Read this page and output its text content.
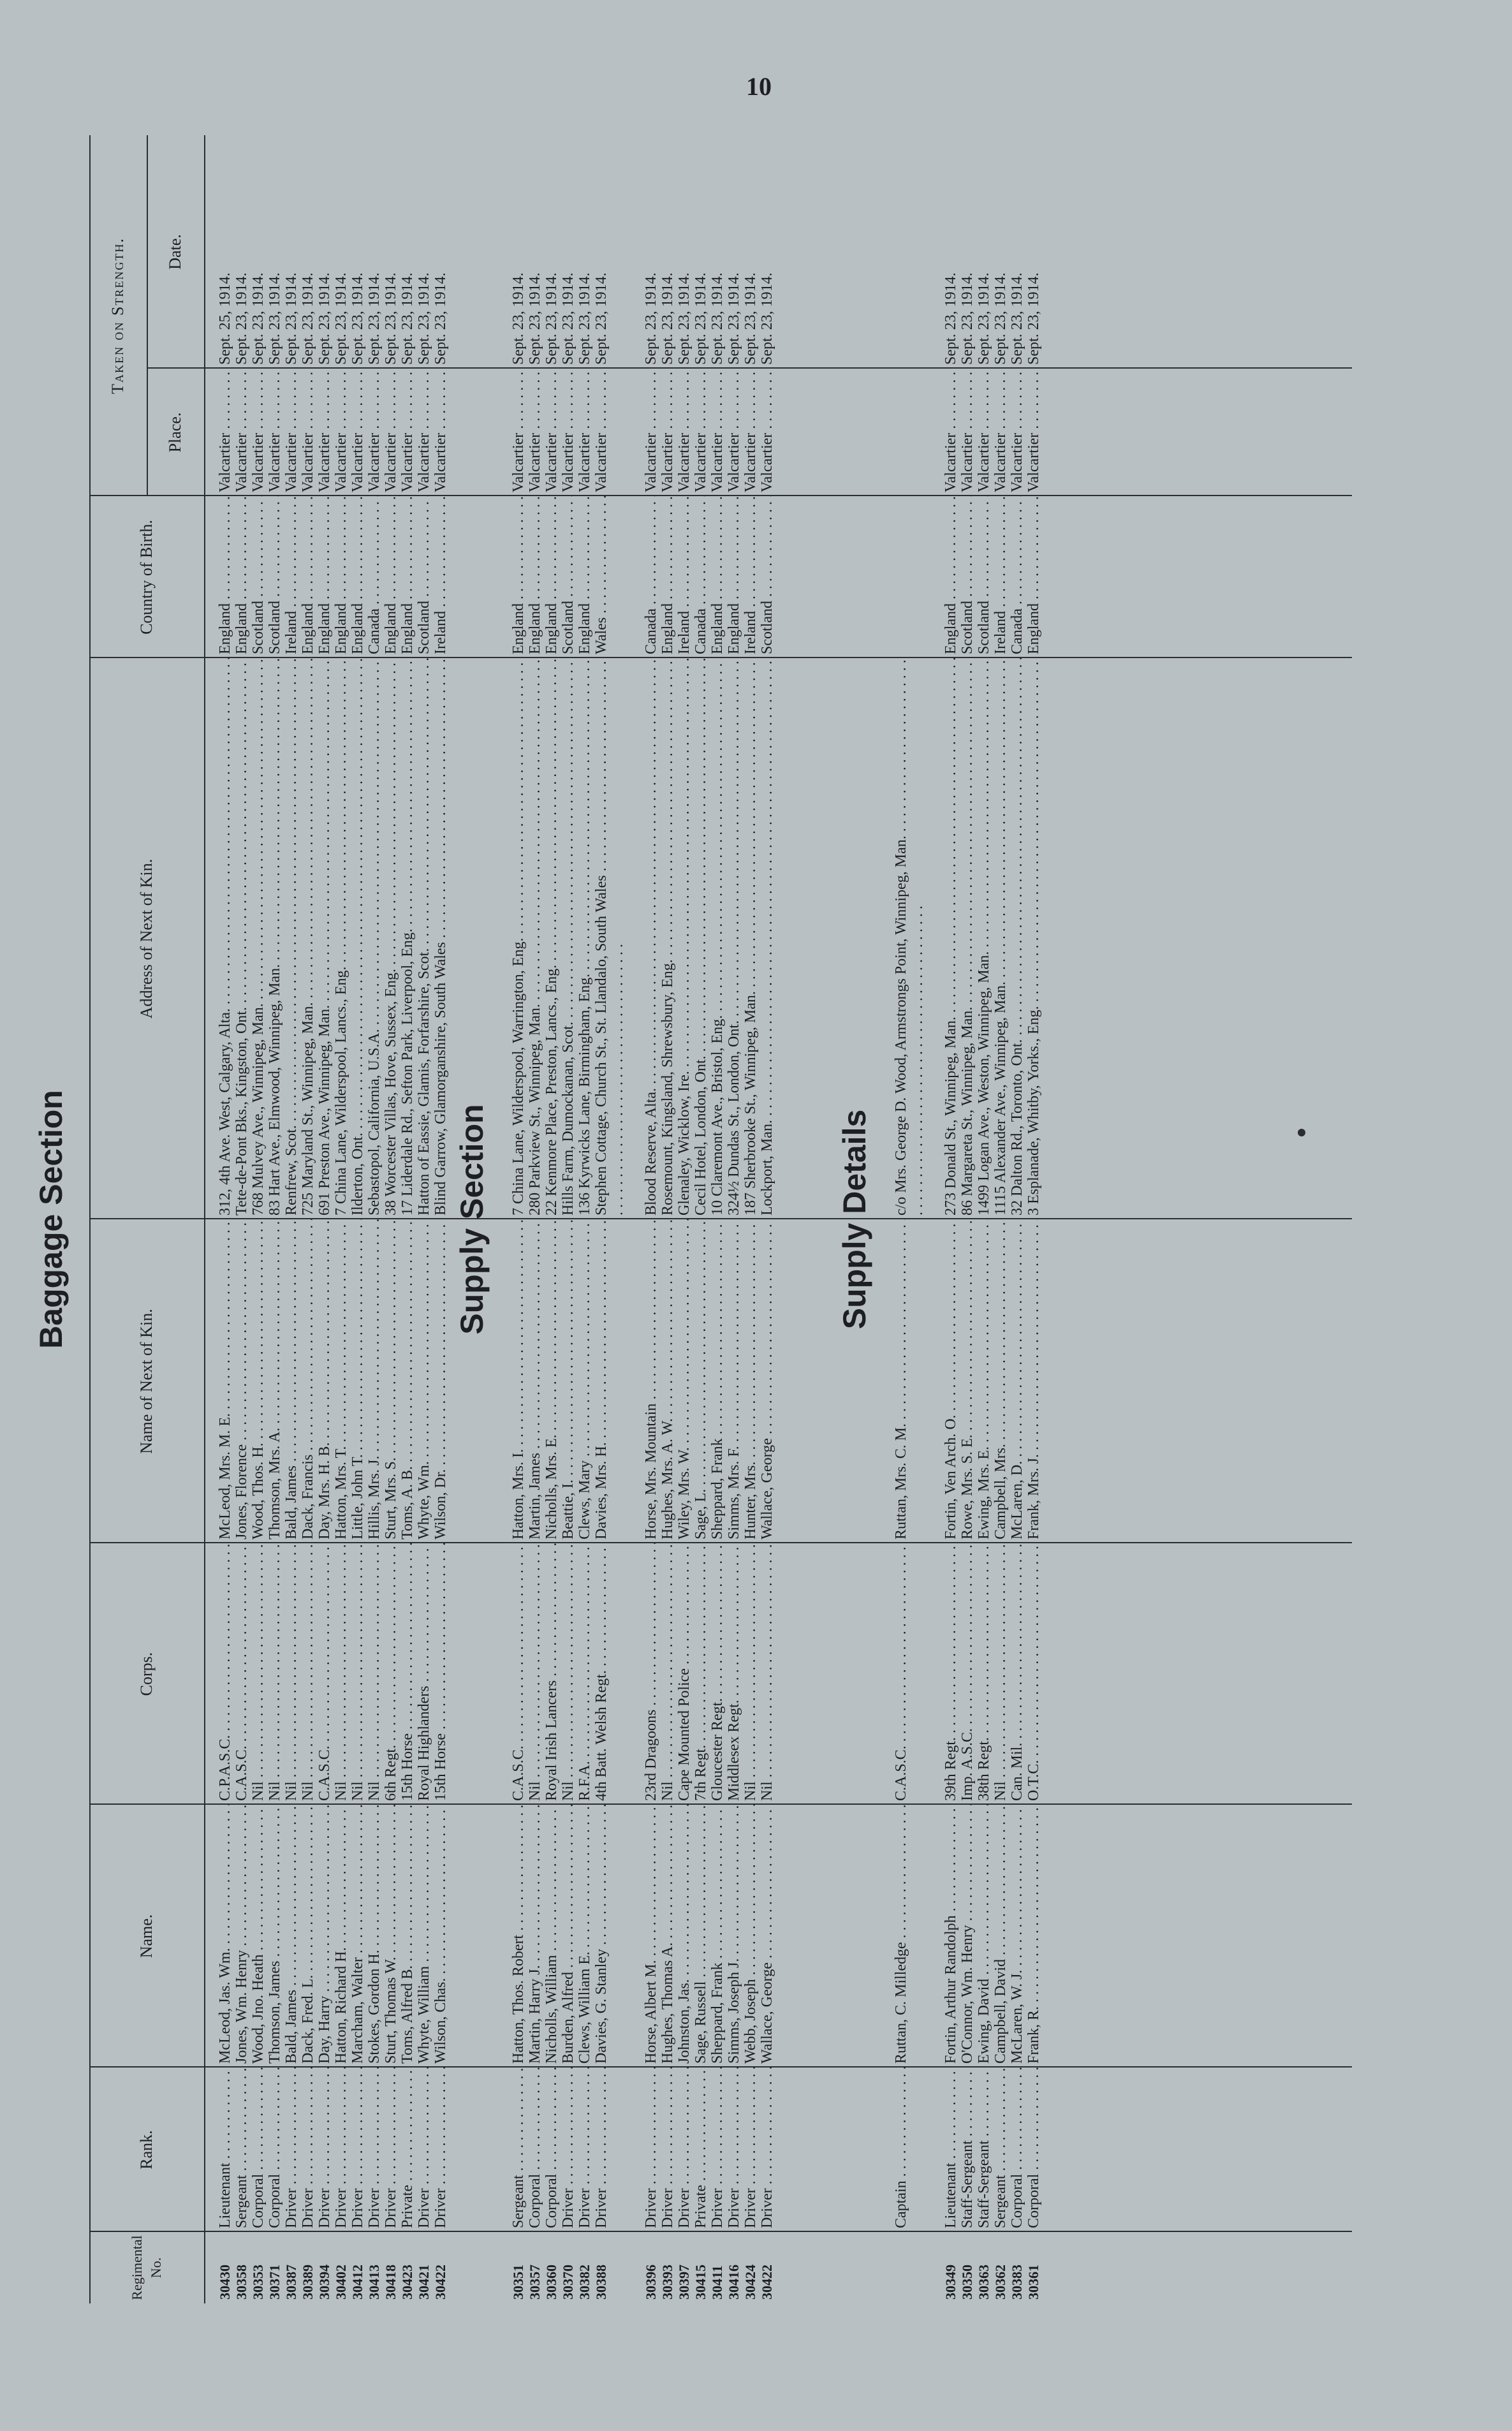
10
Regimental No.
Rank.
Name.
Corps.
Name of Next of Kin.
Address of Next of Kin.
Country of Birth.
Taken on Strength.
Place.
Date.
Baggage Section
30430
Lieutenant . . .
McLeod, Jas. Wm. . . .
C.P.A.S.C. . . .
McLeod, Mrs. M. E. . . .
312, 4th Ave. West, Calgary, Alta. . . .
England . . .
Valcartier . . .
Sept. 25, 1914.
30358
Sergeant . . .
Jones, Wm. Henry . . .
C.A.S.C. . . .
Jones, Florence . . .
Tete-de-Pont Bks., Kingston, Ont. . . .
England . . .
Valcartier . . .
Sept. 23, 1914.
30353
Corporal . . .
Wood, Jno. Heath . . .
Nil . . .
Wood, Thos. H. . . .
768 Mulvey Ave., Winnipeg, Man. . . .
Scotland . . .
Valcartier . . .
Sept. 23, 1914.
30371
Corporal . . .
Thomson, James . . .
Nil . . .
Thomson, Mrs. A. . . .
83 Hart Ave., Elmwood, Winnipeg, Man. . . .
Scotland . . .
Valcartier . . .
Sept. 23, 1914.
30387
Driver . . .
Bald, James . . .
Nil . . .
Bald, James . . .
Renfrew, Scot. . . .
Ireland . . .
Valcartier . . .
Sept. 23, 1914.
30389
Driver . . .
Dack, Fred. L. . . .
Nil . . .
Dack, Francis . . .
725 Maryland St., Winnipeg, Man. . . .
England . . .
Valcartier . . .
Sept. 23, 1914.
30394
Driver . . .
Day, Harry . . .
C.A.S.C. . . .
Day, Mrs. H. B. . . .
691 Preston Ave., Winnipeg, Man. . . .
England . . .
Valcartier . . .
Sept. 23, 1914.
30402
Driver . . .
Hatton, Richard H. . . .
Nil . . .
Hatton, Mrs. T. . . .
7 China Lane, Wilderspool, Lancs., Eng. . . .
England . . .
Valcartier . . .
Sept. 23, 1914.
30412
Driver . . .
Marcham, Walter . . .
Nil . . .
Little, John T. . . .
Ilderton, Ont. . . .
England . . .
Valcartier . . .
Sept. 23, 1914.
30413
Driver . . .
Stokes, Gordon H. . . .
Nil . . .
Hillis, Mrs. J. . . .
Sebastopol, California, U.S.A. . . .
Canada . . .
Valcartier . . .
Sept. 23, 1914.
30418
Driver . . .
Sturt, Thomas W. . . .
6th Regt. . . .
Sturt, Mrs. S. . . .
38 Worcester Villas, Hove, Sussex, Eng. . . .
England . . .
Valcartier . . .
Sept. 23, 1914.
30423
Private . . .
Toms, Alfred B. . . .
15th Horse . . .
Toms, A. B. . . .
17 Liderdale Rd., Sefton Park, Liverpool, Eng. . . .
England . . .
Valcartier . . .
Sept. 23, 1914.
30421
Driver . . .
Whyte, William . . .
Royal Highlanders . . .
Whyte, Wm. . . .
Hatton of Eassie, Glamis, Forfarshire, Scot. . . .
Scotland . . .
Valcartier . . .
Sept. 23, 1914.
30422
Driver . . .
Wilson, Chas. . . .
15th Horse . . .
Wilson, Dr. . . .
Blind Garrow, Glamorganshire, South Wales . . .
Ireland . . .
Valcartier . . .
Sept. 23, 1914.
Supply Section
30351
Sergeant . . .
Hatton, Thos. Robert . . .
C.A.S.C. . . .
Hatton, Mrs. I. . . .
7 China Lane, Wilderspool, Warrington, Eng. . . .
England . . .
Valcartier . . .
Sept. 23, 1914.
30357
Corporal . . .
Martin, Harry J. . . .
Nil . . .
Martin, James . . .
280 Parkview St., Winnipeg, Man. . . .
England . . .
Valcartier . . .
Sept. 23, 1914.
30360
Corporal . . .
Nicholls, William . . .
Royal Irish Lancers . . .
Nicholls, Mrs. E. . . .
22 Kenmore Place, Preston, Lancs., Eng. . . .
England . . .
Valcartier . . .
Sept. 23, 1914.
30370
Driver . . .
Burden, Alfred . . .
Nil . . .
Beattie, I. . . .
Hills Farm, Dumockanan, Scot. . . .
Scotland . . .
Valcartier . . .
Sept. 23, 1914.
30382
Driver . . .
Clews, William E. . . .
R.F.A. . . .
Clews, Mary . . .
136 Kyrwicks Lane, Birmingham, Eng. . . .
England . . .
Valcartier . . .
Sept. 23, 1914.
30388
Driver . . .
Davies, G. Stanley . . .
4th Batt. Welsh Regt. . . .
Davies, Mrs. H. . . .
Stephen Cottage, Church St., St. Llandalo, South Wales . . .
Wales . . .
Valcartier . . .
Sept. 23, 1914.
30396
Driver . . .
Horse, Albert M. . . .
23rd Dragoons . . .
Horse, Mrs. Mountain . . .
Blood Reserve, Alta. . . .
Canada . . .
Valcartier . . .
Sept. 23, 1914.
30393
Driver . . .
Hughes, Thomas A. . . .
Nil . . .
Hughes, Mrs. A. W. . . .
Rosemount, Kingsland, Shrewsbury, Eng. . . .
England . . .
Valcartier . . .
Sept. 23, 1914.
30397
Driver . . .
Johnston, Jas. . . .
Cape Mounted Police . . .
Wiley, Mrs. W. . . .
Glenaley, Wicklow, Ire. . . .
Ireland . . .
Valcartier . . .
Sept. 23, 1914.
30415
Private . . .
Sage, Russell . . .
7th Regt. . . .
Sage, L. . . .
Cecil Hotel, London, Ont. . . .
Canada . . .
Valcartier . . .
Sept. 23, 1914.
30411
Driver . . .
Sheppard, Frank . . .
Gloucester Regt. . . .
Sheppard, Frank . . .
10 Claremont Ave., Bristol, Eng. . . .
England . . .
Valcartier . . .
Sept. 23, 1914.
30416
Driver . . .
Simms, Joseph J. . . .
Middlesex Regt. . . .
Simms, Mrs. F. . . .
324½ Dundas St., London, Ont. . . .
England . . .
Valcartier . . .
Sept. 23, 1914.
30424
Driver . . .
Webb, Joseph . . .
Nil . . .
Hunter, Mrs. . . .
187 Sherbrooke St., Winnipeg, Man. . . .
Ireland . . .
Valcartier . . .
Sept. 23, 1914.
30422
Driver . . .
Wallace, George . . .
Nil . . .
Wallace, George . . .
Lockport, Man. . . .
Scotland . . .
Valcartier . . .
Sept. 23, 1914.
Supply Details
Captain . . .
Ruttan, C. Milledge . . .
C.A.S.C. . . .
Ruttan, Mrs. C. M. . . .
c/o Mrs. George D. Wood, Armstrongs Point, Winnipeg, Man. . . .
30349
Lieutenant . . .
Fortin, Arthur Randolph . . .
39th Regt. . . .
Fortin, Ven Arch. O. . . .
273 Donald St., Winnipeg, Man. . . .
England . . .
Valcartier . . .
Sept. 23, 1914.
30350
Staff-Sergeant . . .
O'Connor, Wm. Henry . . .
Imp. A.S.C. . . .
Rowe, Mrs. S. E. . . .
86 Margareta St., Winnipeg, Man. . . .
Scotland . . .
Valcartier . . .
Sept. 23, 1914.
30363
Staff-Sergeant . . .
Ewing, David . . .
38th Regt. . . .
Ewing, Mrs. E. . . .
1499 Logan Ave., Weston, Winnipeg, Man. . . .
Scotland . . .
Valcartier . . .
Sept. 23, 1914.
30362
Sergeant . . .
Campbell, David . . .
Nil . . .
Campbell, Mrs. . . .
1115 Alexander Ave., Winnipeg, Man. . . .
Ireland . . .
Valcartier . . .
Sept. 23, 1914.
30383
Corporal . . .
McLaren, W. J. . . .
Can. Mil. . . .
McLaren, D. . . .
32 Dalton Rd., Toronto, Ont. . . .
Canada . . .
Valcartier . . .
Sept. 23, 1914.
30361
Corporal . . .
Frank, R. . . .
O.T.C. . . .
Frank, Mrs. J. . . .
3 Esplanade, Whitby, Yorks., Eng. . . .
England . . .
Valcartier . . .
Sept. 23, 1914.
